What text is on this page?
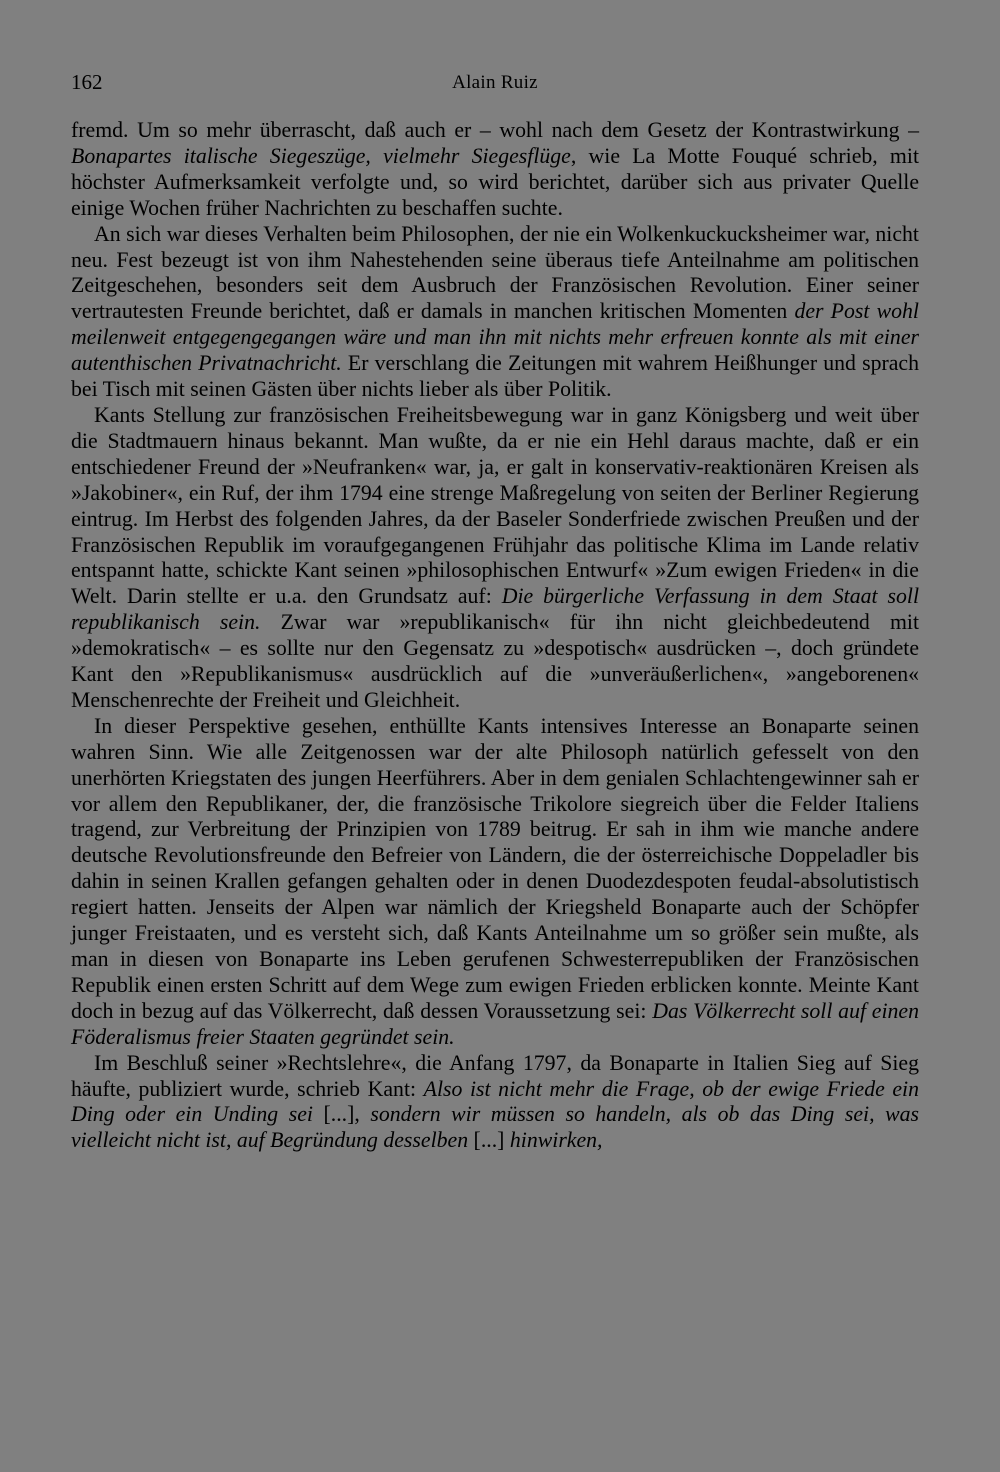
162	Alain Ruiz

fremd. Um so mehr überrascht, daß auch er – wohl nach dem Gesetz der Kontrastwirkung – Bonapartes italische Siegeszüge, vielmehr Siegesflüge, wie La Motte Fouqué schrieb, mit höchster Aufmerksamkeit verfolgte und, so wird berichtet, darüber sich aus privater Quelle einige Wochen früher Nachrichten zu beschaffen suchte.

An sich war dieses Verhalten beim Philosophen, der nie ein Wolkenkuckucksheimer war, nicht neu. Fest bezeugt ist von ihm Nahestehenden seine überaus tiefe Anteilnahme am politischen Zeitgeschehen, besonders seit dem Ausbruch der Französischen Revolution. Einer seiner vertrautesten Freunde berichtet, daß er damals in manchen kritischen Momenten der Post wohl meilenweit entgegengegangen wäre und man ihn mit nichts mehr erfreuen konnte als mit einer autenthischen Privatnachricht. Er verschlang die Zeitungen mit wahrem Heißhunger und sprach bei Tisch mit seinen Gästen über nichts lieber als über Politik.

Kants Stellung zur französischen Freiheitsbewegung war in ganz Königsberg und weit über die Stadtmauern hinaus bekannt. Man wußte, da er nie ein Hehl daraus machte, daß er ein entschiedener Freund der »Neufranken« war, ja, er galt in konservativ-reaktionären Kreisen als »Jakobiner«, ein Ruf, der ihm 1794 eine strenge Maßregelung von seiten der Berliner Regierung eintrug. Im Herbst des folgenden Jahres, da der Baseler Sonderfriede zwischen Preußen und der Französischen Republik im voraufgegangenen Frühjahr das politische Klima im Lande relativ entspannt hatte, schickte Kant seinen »philosophischen Entwurf« »Zum ewigen Frieden« in die Welt. Darin stellte er u.a. den Grundsatz auf: Die bürgerliche Verfassung in dem Staat soll republikanisch sein. Zwar war »republikanisch« für ihn nicht gleichbedeutend mit »demokratisch« – es sollte nur den Gegensatz zu »despotisch« ausdrücken –, doch gründete Kant den »Republikanismus« ausdrücklich auf die »unveräußerlichen«, »angeborenen« Menschenrechte der Freiheit und Gleichheit.

In dieser Perspektive gesehen, enthüllte Kants intensives Interesse an Bonaparte seinen wahren Sinn. Wie alle Zeitgenossen war der alte Philosoph natürlich gefesselt von den unerhörten Kriegstaten des jungen Heerführers. Aber in dem genialen Schlachtengewinner sah er vor allem den Republikaner, der, die französische Trikolore siegreich über die Felder Italiens tragend, zur Verbreitung der Prinzipien von 1789 beitrug. Er sah in ihm wie manche andere deutsche Revolutionsfreunde den Befreier von Ländern, die der österreichische Doppeladler bis dahin in seinen Krallen gefangen gehalten oder in denen Duodezdespoten feudal-absolutistisch regiert hatten. Jenseits der Alpen war nämlich der Kriegsheld Bonaparte auch der Schöpfer junger Freistaaten, und es versteht sich, daß Kants Anteilnahme um so größer sein mußte, als man in diesen von Bonaparte ins Leben gerufenen Schwesterrepubliken der Französischen Republik einen ersten Schritt auf dem Wege zum ewigen Frieden erblicken konnte. Meinte Kant doch in bezug auf das Völkerrecht, daß dessen Voraussetzung sei: Das Völkerrecht soll auf einen Föderalismus freier Staaten gegründet sein.

Im Beschluß seiner »Rechtslehre«, die Anfang 1797, da Bonaparte in Italien Sieg auf Sieg häufte, publiziert wurde, schrieb Kant: Also ist nicht mehr die Frage, ob der ewige Friede ein Ding oder ein Unding sei [...], sondern wir müssen so handeln, als ob das Ding sei, was vielleicht nicht ist, auf Begründung desselben [...] hinwirken,
